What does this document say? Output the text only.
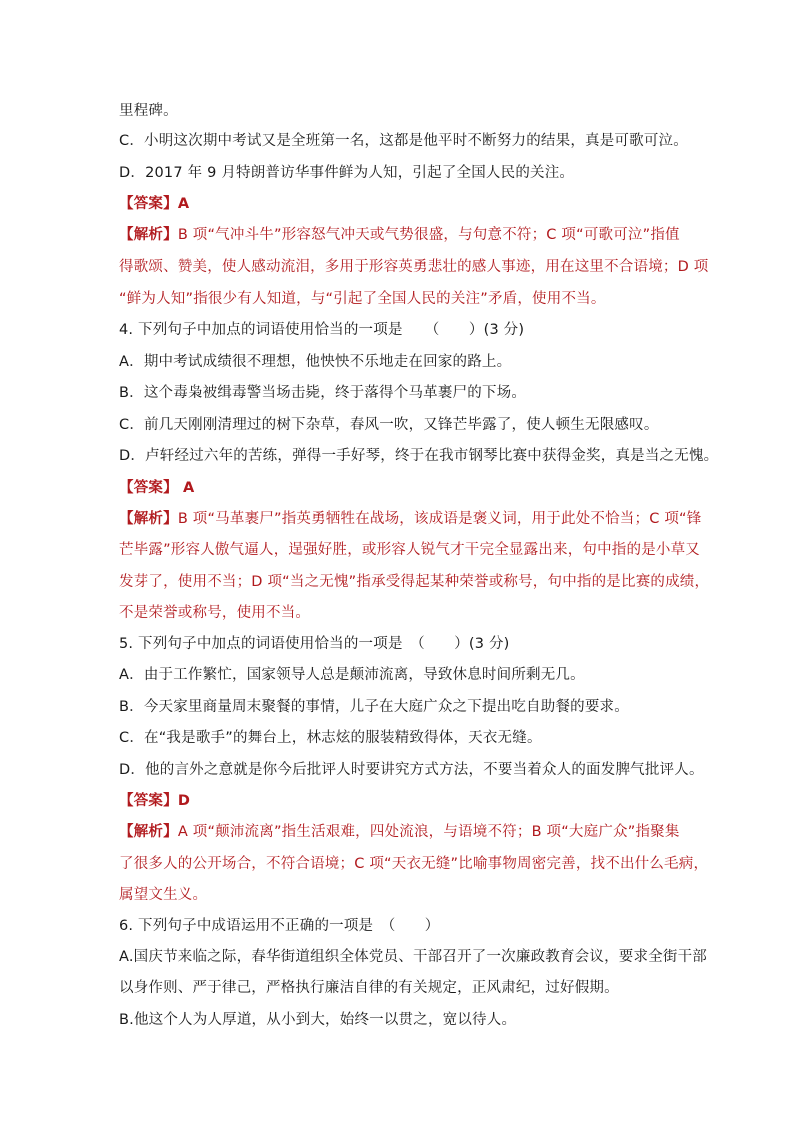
里程碑。
C．小明这次期中考试又是全班第一名，这都是他平时不断努力的结果，真是可歌可泣。
D．2017 年 9 月特朗普访华事件鲜为人知，引起了全国人民的关注。
【答案】A
【解析】B 项“气冲斗牛”形容怒气冲天或气势很盛，与句意不符；C 项“可歌可泣”指值
得歌颂、赞美，使人感动流泪，多用于形容英勇悲壮的感人事迹，用在这里不合语境；D 项
“鲜为人知”指很少有人知道，与“引起了全国人民的关注”矛盾，使用不当。
4. 下列句子中加点的词语使用恰当的一项是　　（　　）(3 分)
A．期中考试成绩很不理想，他怏怏不乐地走在回家的路上。
B．这个毒枭被缉毒警当场击毙，终于落得个马革裹尸的下场。
C．前几天刚刚清理过的树下杂草，春风一吹，又锋芒毕露了，使人顿生无限感叹。
D．卢轩经过六年的苦练，弹得一手好琴，终于在我市钢琴比赛中获得金奖，真是当之无愧。
【答案】 A
【解析】B 项“马革裹尸”指英勇牺牲在战场，该成语是褒义词，用于此处不恰当；C 项“锋
芒毕露”形容人傲气逼人，逞强好胜，或形容人锐气才干完全显露出来，句中指的是小草又
发芽了，使用不当；D 项“当之无愧”指承受得起某种荣誉或称号，句中指的是比赛的成绩，
不是荣誉或称号，使用不当。
5. 下列句子中加点的词语使用恰当的一项是　（　　）(3 分)
A．由于工作繁忙，国家领导人总是颠沛流离，导致休息时间所剩无几。
B．今天家里商量周末聚餐的事情，儿子在大庭广众之下提出吃自助餐的要求。
C．在“我是歌手”的舞台上，林志炫的服装精致得体，天衣无缝。
D．他的言外之意就是你今后批评人时要讲究方式方法，不要当着众人的面发脾气批评人。
【答案】D
【解析】A 项“颠沛流离”指生活艰难，四处流浪，与语境不符；B 项“大庭广众”指聚集
了很多人的公开场合，不符合语境；C 项“天衣无缝”比喻事物周密完善，找不出什么毛病，
属望文生义。
6. 下列句子中成语运用不正确的一项是　（　　）
A.国庆节来临之际，春华街道组织全体党员、干部召开了一次廉政教育会议，要求全街干部
以身作则、严于律己，严格执行廉洁自律的有关规定，正风肃纪，过好假期。
B.他这个人为人厚道，从小到大，始终一以贯之，宽以待人。
